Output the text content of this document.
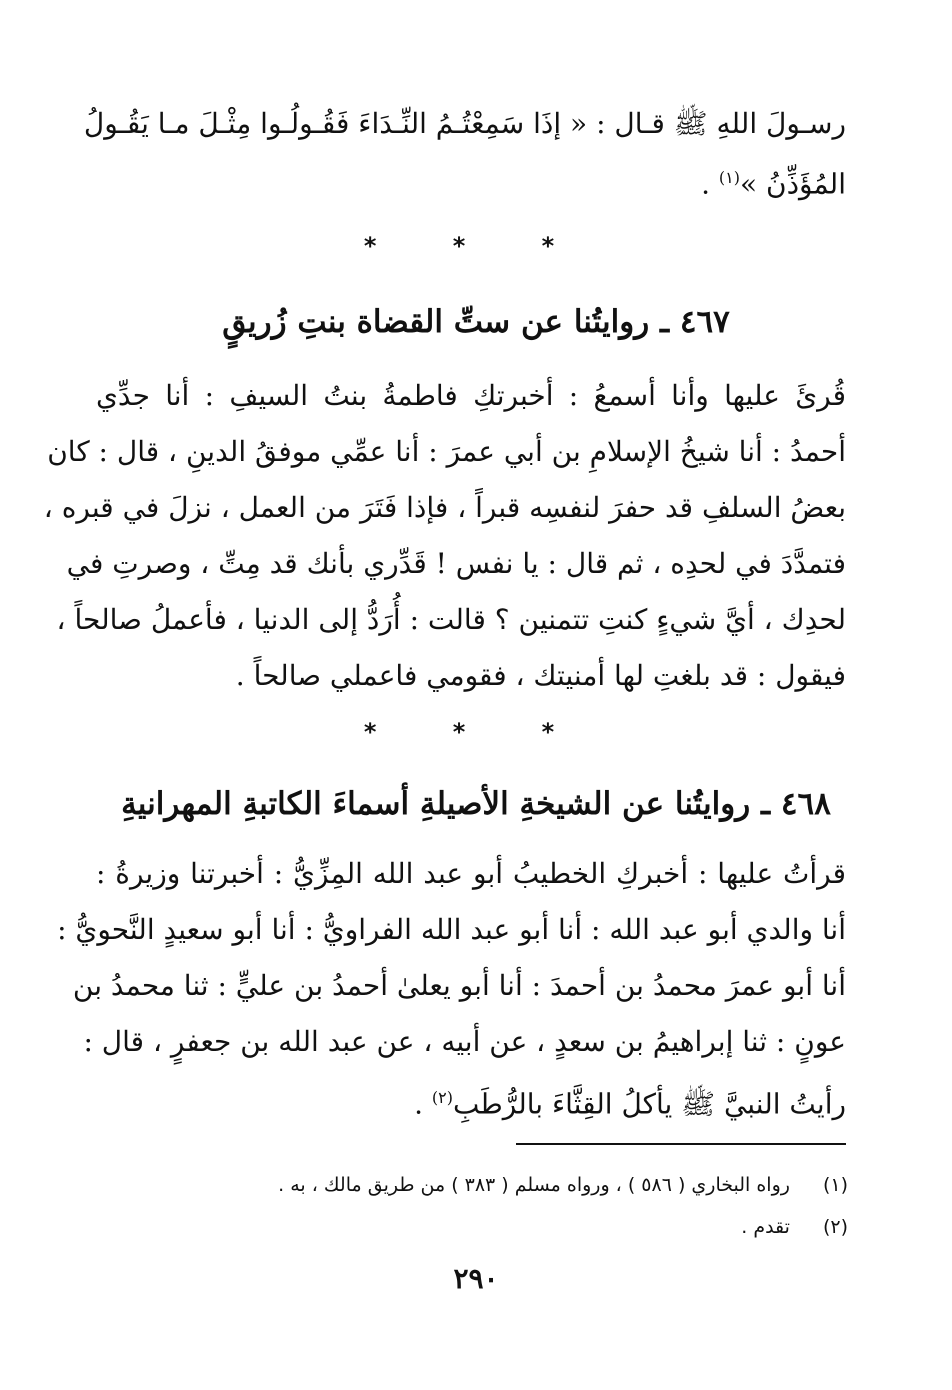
رسـولَ اللهِ ﷺ قـال : « إذَا سَمِعْتُـمُ النِّـدَاءَ فَقُـولُـوا مِثْـلَ مـا يَقُـولُ
المُؤَذِّنُ »$^{(١)}$ .
* * *
٤٦٧ ـ روايتُنا عن ستِّ القضاة بنتِ زُريقٍ
قُرئَ عليها وأنا أسمعُ : أخبرتكِ فاطمةُ بنتُ السيفِ : أنا جدِّي
أحمدُ : أنا شيخُ الإسلامِ بن أبي عمرَ : أنا عمِّي موفقُ الدينِ ، قال : كان
بعضُ السلفِ قد حفرَ لنفسِه قبراً ، فإذا فَتَرَ من العمل ، نزلَ في قبره ،
فتمدَّدَ في لحدِه ، ثم قال : يا نفس ! قَدِّري بأنك قد مِتِّ ، وصرتِ في
لحدِك ، أيَّ شيءٍ كنتِ تتمنين ؟ قالت : أُرَدُّ إلى الدنيا ، فأعملُ صالحاً ،
فيقول : قد بلغتِ لها أمنيتك ، فقومي فاعملي صالحاً .
* * *
٤٦٨ ـ روايتُنا عن الشيخةِ الأصيلةِ أسماءَ الكاتبةِ المهرانيةِ
قرأتُ عليها : أخبركِ الخطيبُ أبو عبد الله المِزِّيُّ : أخبرتنا وزيرةُ :
أنا والدي أبو عبد الله : أنا أبو عبد الله الفراويُّ : أنا أبو سعيدٍ النَّحويُّ :
أنا أبو عمرَ محمدُ بن أحمدَ : أنا أبو يعلىٰ أحمدُ بن عليٍّ : ثنا محمدُ بن
عونٍ : ثنا إبراهيمُ بن سعدٍ ، عن أبيه ، عن عبد الله بن جعفرٍ ، قال :
رأيتُ النبيَّ ﷺ يأكلُ القِثَّاءَ بالرُّطَبِ$^{(٢)}$ .
(١) رواه البخاري ( ٥٨٦ ) ، ورواه مسلم ( ٣٨٣ ) من طريق مالك ، به .
(٢) تقدم .
٢٩٠
